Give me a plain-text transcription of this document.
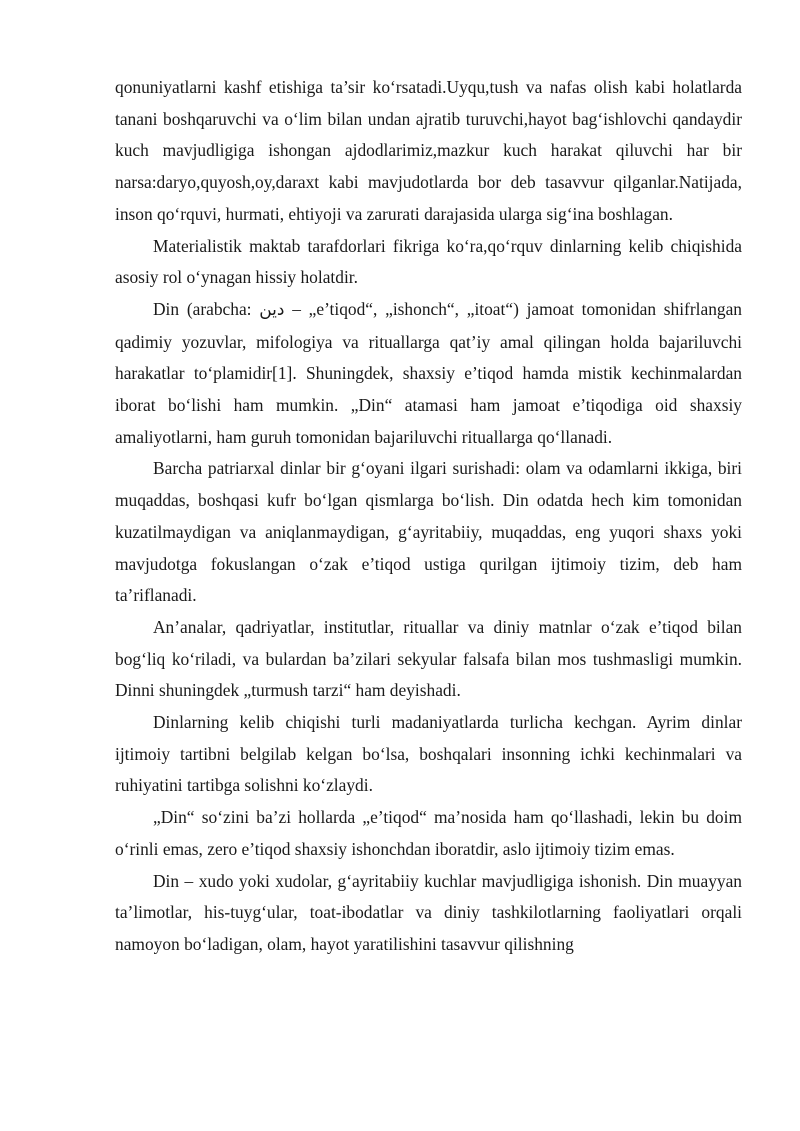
qonuniyatlarni kashf etishiga ta’sir ko‘rsatadi.Uyqu,tush va nafas olish kabi holatlarda tanani boshqaruvchi va o‘lim bilan undan ajratib turuvchi,hayot bag‘ishlovchi qandaydir kuch mavjudligiga ishongan ajdodlarimiz,mazkur kuch harakat qiluvchi har bir narsa:daryo,quyosh,oy,daraxt kabi mavjudotlarda bor deb tasavvur qilganlar.Natijada, inson qo‘rquvi, hurmati, ehtiyoji va zarurati darajasida ularga sig‘ina boshlagan.

Materialistik maktab tarafdorlari fikriga ko‘ra,qo‘rquv dinlarning kelib chiqishida asosiy rol o‘ynagan hissiy holatdir.

Din (arabcha: دين – „e’tiqod“, „ishonch“, „itoat“) jamoat tomonidan shifrlangan qadimiy yozuvlar, mifologiya va rituallarga qat’iy amal qilingan holda bajariluvchi harakatlar to‘plamidir[1]. Shuningdek, shaxsiy e’tiqod hamda mistik kechinmalardan iborat bo‘lishi ham mumkin. „Din“ atamasi ham jamoat e’tiqodiga oid shaxsiy amaliyotlarni, ham guruh tomonidan bajariluvchi rituallarga qo‘llanadi.

Barcha patriarxal dinlar bir g‘oyani ilgari surishadi: olam va odamlarni ikkiga, biri muqaddas, boshqasi kufr bo‘lgan qismlarga bo‘lish. Din odatda hech kim tomonidan kuzatilmaydigan va aniqlanmaydigan, g‘ayritabiiy, muqaddas, eng yuqori shaxs yoki mavjudotga fokuslangan o‘zak e’tiqod ustiga qurilgan ijtimoiy tizim, deb ham ta’riflanadi.

An’analar, qadriyatlar, institutlar, rituallar va diniy matnlar o‘zak e’tiqod bilan bog‘liq ko‘riladi, va bulardan ba’zilari sekyular falsafa bilan mos tushmasligi mumkin. Dinni shuningdek „turmush tarzi“ ham deyishadi.

Dinlarning kelib chiqishi turli madaniyatlarda turlicha kechgan. Ayrim dinlar ijtimoiy tartibni belgilab kelgan bo‘lsa, boshqalari insonning ichki kechinmalari va ruhiyatini tartibga solishni ko‘zlaydi.

„Din“ so‘zini ba’zi hollarda „e’tiqod“ ma’nosida ham qo‘llashadi, lekin bu doim o‘rinli emas, zero e’tiqod shaxsiy ishonchdan iboratdir, aslo ijtimoiy tizim emas.

Din – xudo yoki xudolar, g‘ayritabiiy kuchlar mavjudligiga ishonish. Din muayyan ta’limotlar, his-tuyg‘ular, toat-ibodatlar va diniy tashkilotlarning faoliyatlari orqali namoyon bo‘ladigan, olam, hayot yaratilishini tasavvur qilishning
